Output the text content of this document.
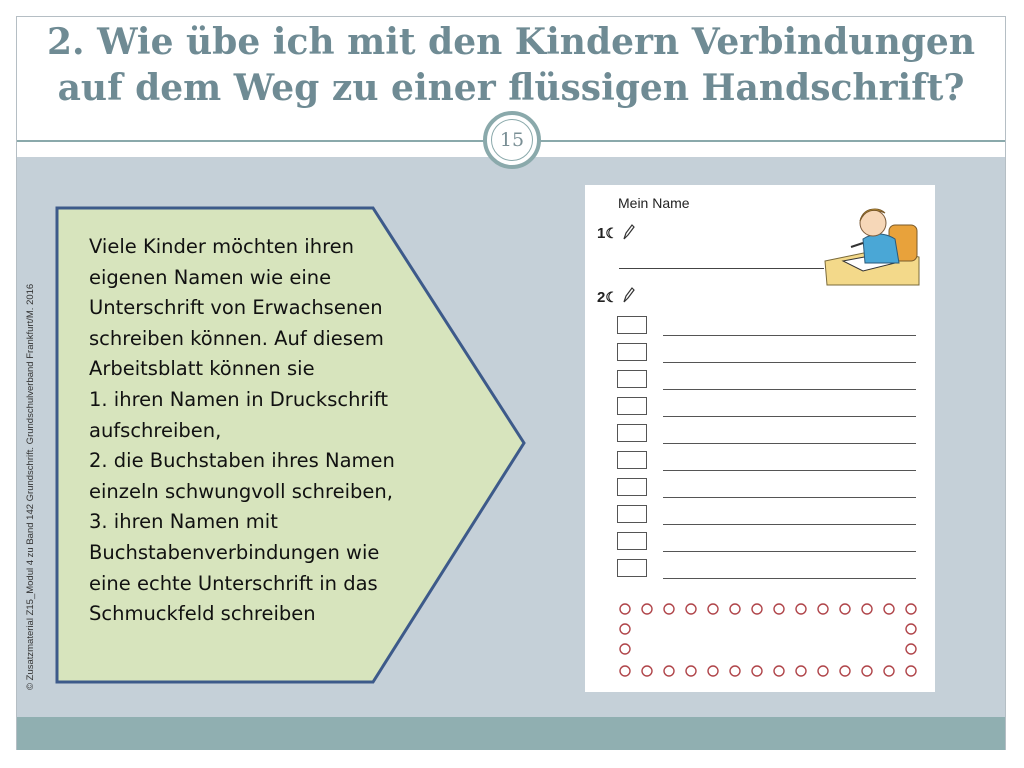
2. Wie übe ich mit den Kindern Verbindungen
auf dem Weg zu einer flüssigen Handschrift?
15
© Zusatzmaterial Z15_Modul 4 zu Band 142 Grundschrift. Grundschulverband Frankfurt/M. 2016
Viele Kinder möchten ihren
eigenen Namen wie eine
Unterschrift von Erwachsenen
schreiben können. Auf diesem
Arbeitsblatt können sie
1. ihren Namen in Druckschrift
aufschreiben,
2. die Buchstaben ihres Namen
einzeln schwungvoll schreiben,
3. ihren Namen mit
Buchstabenverbindungen wie
eine echte Unterschrift in das
Schmuckfeld schreiben
Mein Name
1☾
2☾
